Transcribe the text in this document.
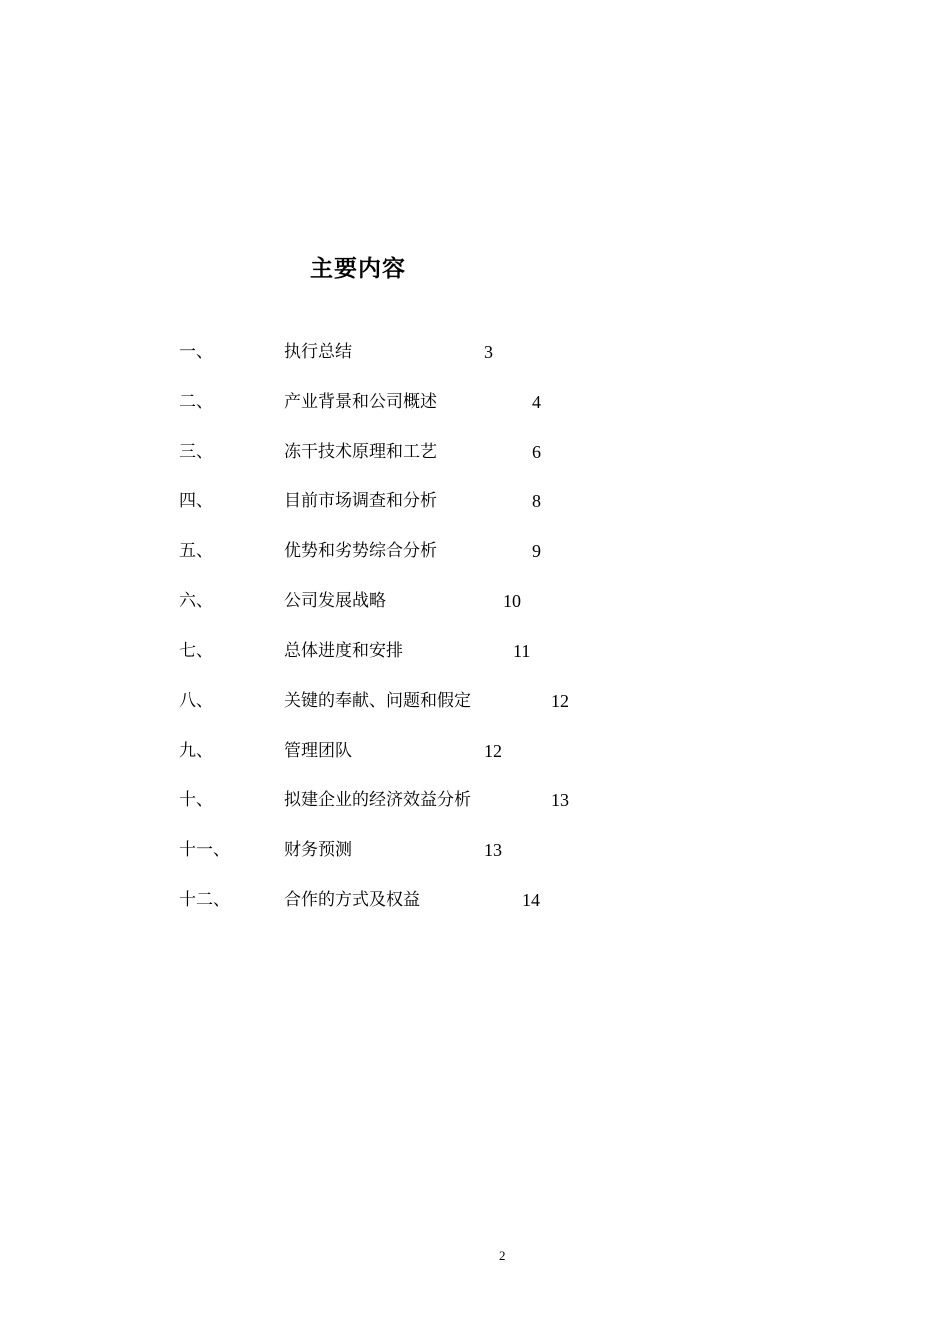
主要内容
一、	执行总结	3
二、	产业背景和公司概述	4
三、	冻干技术原理和工艺	6
四、	目前市场调查和分析	8
五、	优势和劣势综合分析	9
六、	公司发展战略	10
七、	总体进度和安排	11
八、	关键的奉献、问题和假定	12
九、	管理团队	12
十、	拟建企业的经济效益分析	13
十一、	财务预测	13
十二、	合作的方式及权益	14
2
